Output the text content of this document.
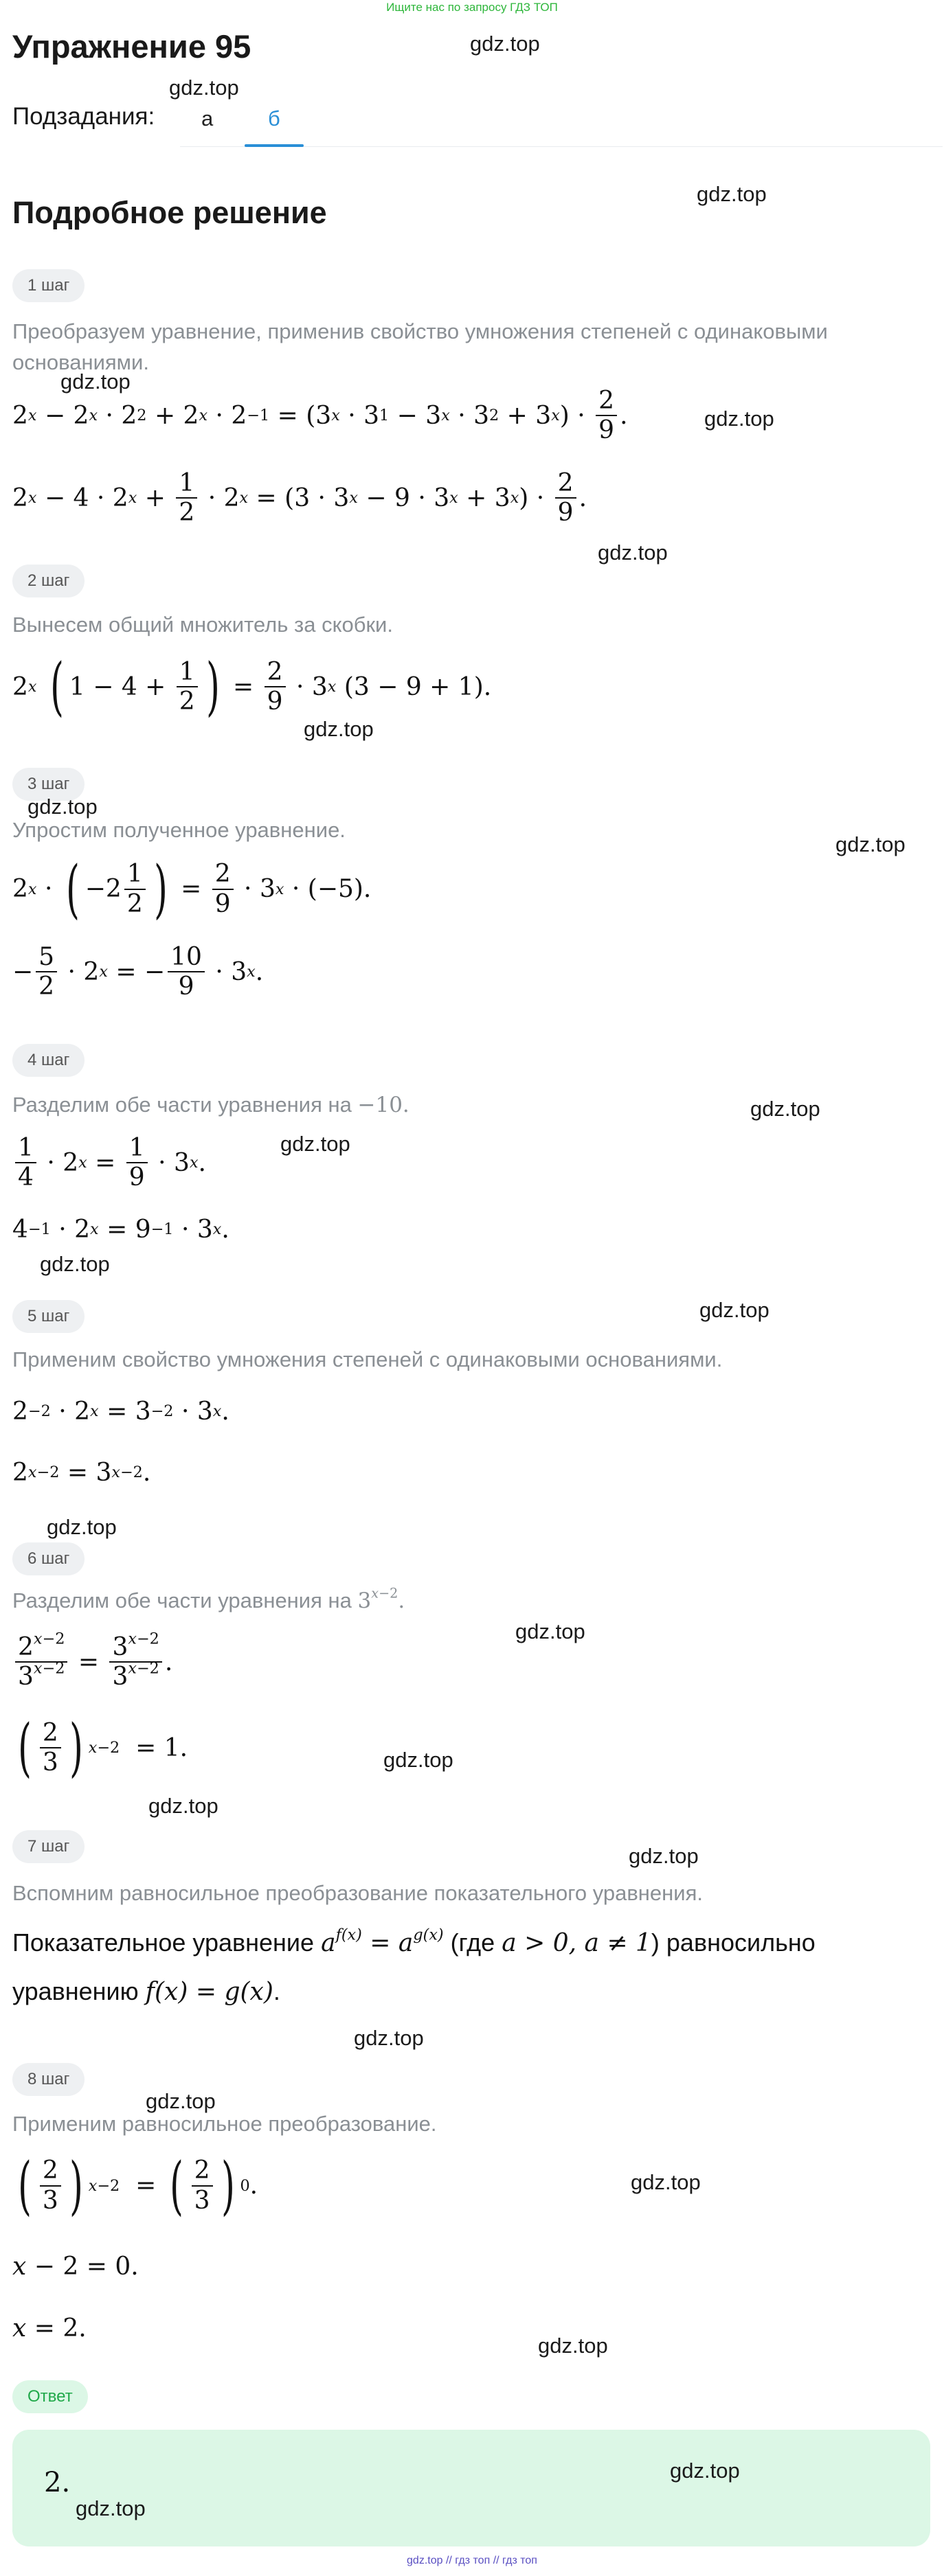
Ищите нас по запросу ГДЗ ТОП
Упражнение 95	gdz.top
gdz.top
Подзадания: а	б
Подробное решение
gdz.top
1 шаг
Преобразуем уравнение, применив свойство умножения степеней с одинаковыми основаниями.
gdz.top
2 x − 2 x · 2 2 + 2 x · 2 −1 = (3 x · 3 1 − 3 x · 3 2 + 3 x ) · $\frac{2}{9}$ .	gdz.top
2 x − 4 · 2 $x + \frac{1}{2} \cdot 2$ x = (3 · 3 x − 9 · 3 x + 3 x ) · $\frac{2}{9}$ .
gdz.top
2 шаг
Вынесем общий множитель за скобки.
2 x
( $1 - 4 + \frac{1}{2}$ ) = $\frac{2}{9} \cdot 3$ x (3 − 9 + 1).
gdz.top
3 шаг
gdz.top
Упростим полученное уравнение.
gdz.top
2 x · ( $-2 \frac{1}{2}$ ) = $\frac{2}{9} \cdot 3$ x · (−5).
− $\frac{5}{2} \cdot 2$ x = − $\frac{10}{9} \cdot 3$ x .
4 шаг
Разделим обе части уравнения на −10.	gdz.top
gdz.top
$\frac{1}{4} \cdot 2$ $x = \frac{1}{9} \cdot 3$ x .
4 −1 · 2 x = 9 −1 · 3 x .
gdz.top
5 шаг	gdz.top
Применим свойство умножения степеней с одинаковыми основаниями.
2 −2 · 2 x = 3 −2 · 3 x .
2 x−2 = 3 x−2 .
gdz.top
6 шаг
Разделим обе части уравнения на $3^{x-2}$.
gdz.top
$\frac{2^{x-2}}{3^{x-2}} = \frac{3^{x-2}}{3^{x-2}}$ .
( $\frac{2}{3}$ ) x−2 = 1.	gdz.top
gdz.top
7 шаг	gdz.top
Вспомним равносильное преобразование показательного уравнения.
Показательное уравнение $a^{f(x)} = a^{g(x)}$ (где a > 0, a ≠ 1) равносильно
уравнению f(x) = g(x).
gdz.top
8 шаг
gdz.top
Применим равносильное преобразование.
( $\frac{2}{3}$ ) x−2 = ( $\frac{2}{3}$ ) 0 .	gdz.top
x − 2 = 0.
x = 2.
gdz.top
Ответ
2.	gdz.top
gdz.top
gdz.top // гдз топ // гдз топ
